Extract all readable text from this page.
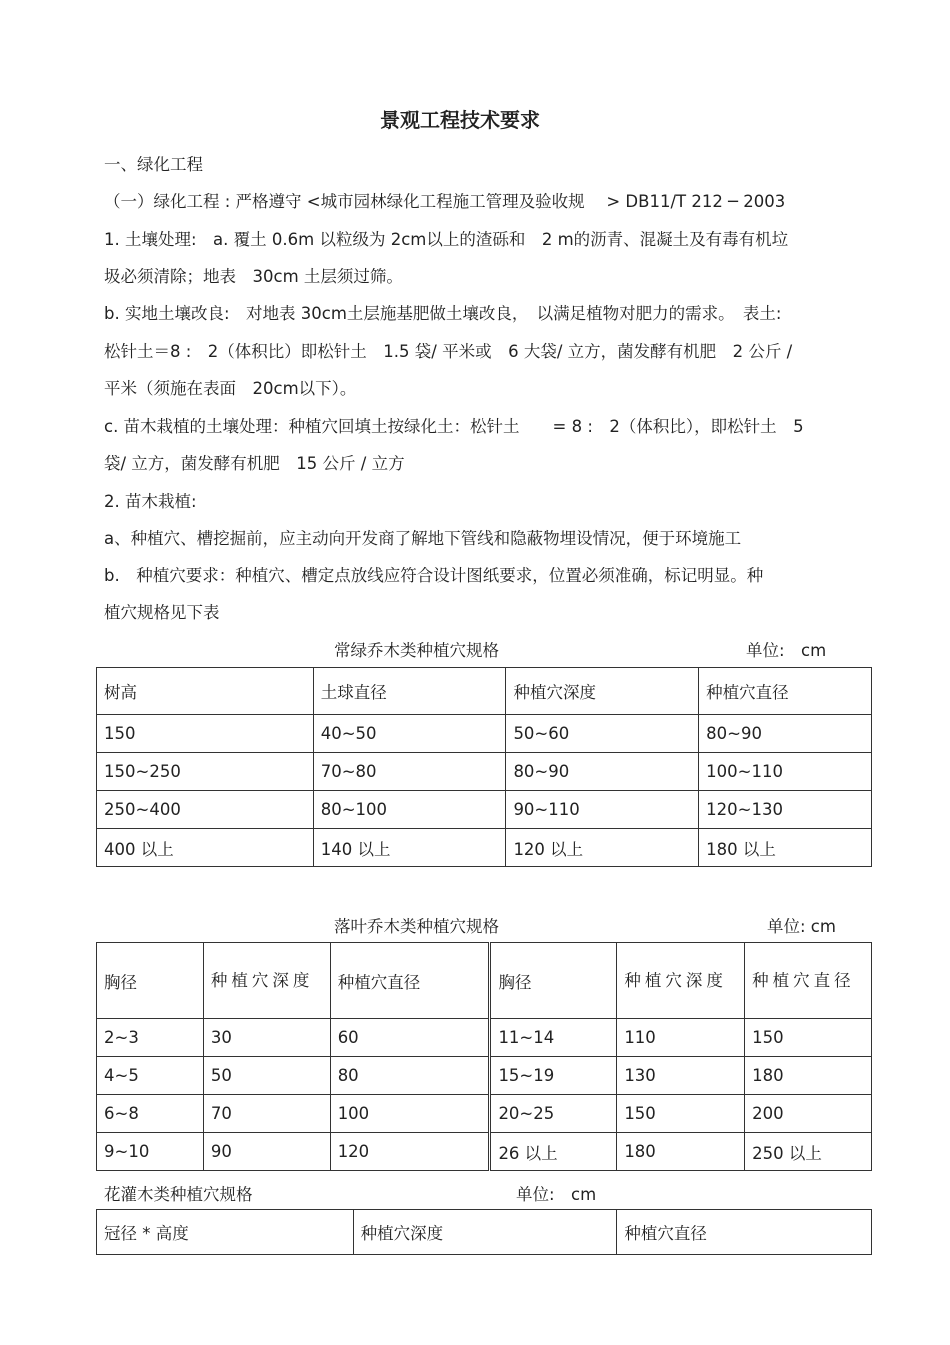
景观工程技术要求

一、绿化工程

（一）绿化工程 : 严格遵守 <城市园林绿化工程施工管理及验收规 　> DB11/T 212 ─ 2003

1. 土壤处理:　a. 覆土 0.6m 以粒级为 2cm以上的渣砾和　2 m的沥青、混凝土及有毒有机垃

圾必须清除；地表　30cm 土层须过筛。

b. 实地土壤改良:　对地表 30cm土层施基肥做土壤改良，　以满足植物对肥力的需求。　表土:

松针土＝8 :　2（体积比）即松针土　1.5 袋/ 平米或　6 大袋/ 立方，菌发酵有机肥　2 公斤 /

平米（须施在表面　20cm以下）。

c. 苗木栽植的土壤处理：种植穴回填土按绿化土：松针土　　= 8 :　2（体积比），即松针土　5

袋/ 立方，菌发酵有机肥　15 公斤 / 立方

2. 苗木栽植:

a、种植穴、槽挖掘前，应主动向开发商了解地下管线和隐蔽物埋设情况，便于环境施工

b.　种植穴要求：种植穴、槽定点放线应符合设计图纸要求，位置必须准确，标记明显。种

植穴规格见下表

常绿乔木类种植穴规格	单位:　cm

树高	土球直径	种植穴深度	种植穴直径
150	40~50	50~60	80~90
150~250	70~80	80~90	100~110
250~400	80~100	90~110	120~130
400 以上	140 以上	120 以上	180 以上

落叶乔木类种植穴规格	单位: cm

胸径	种植穴深度	种植穴直径	胸径	种植穴深度	种植穴直径
2~3	30	60	11~14	110	150
4~5	50	80	15~19	130	180
6~8	70	100	20~25	150	200
9~10	90	120	26 以上	180	250 以上

花灌木类种植穴规格	单位:　cm

冠径 * 高度	种植穴深度	种植穴直径
